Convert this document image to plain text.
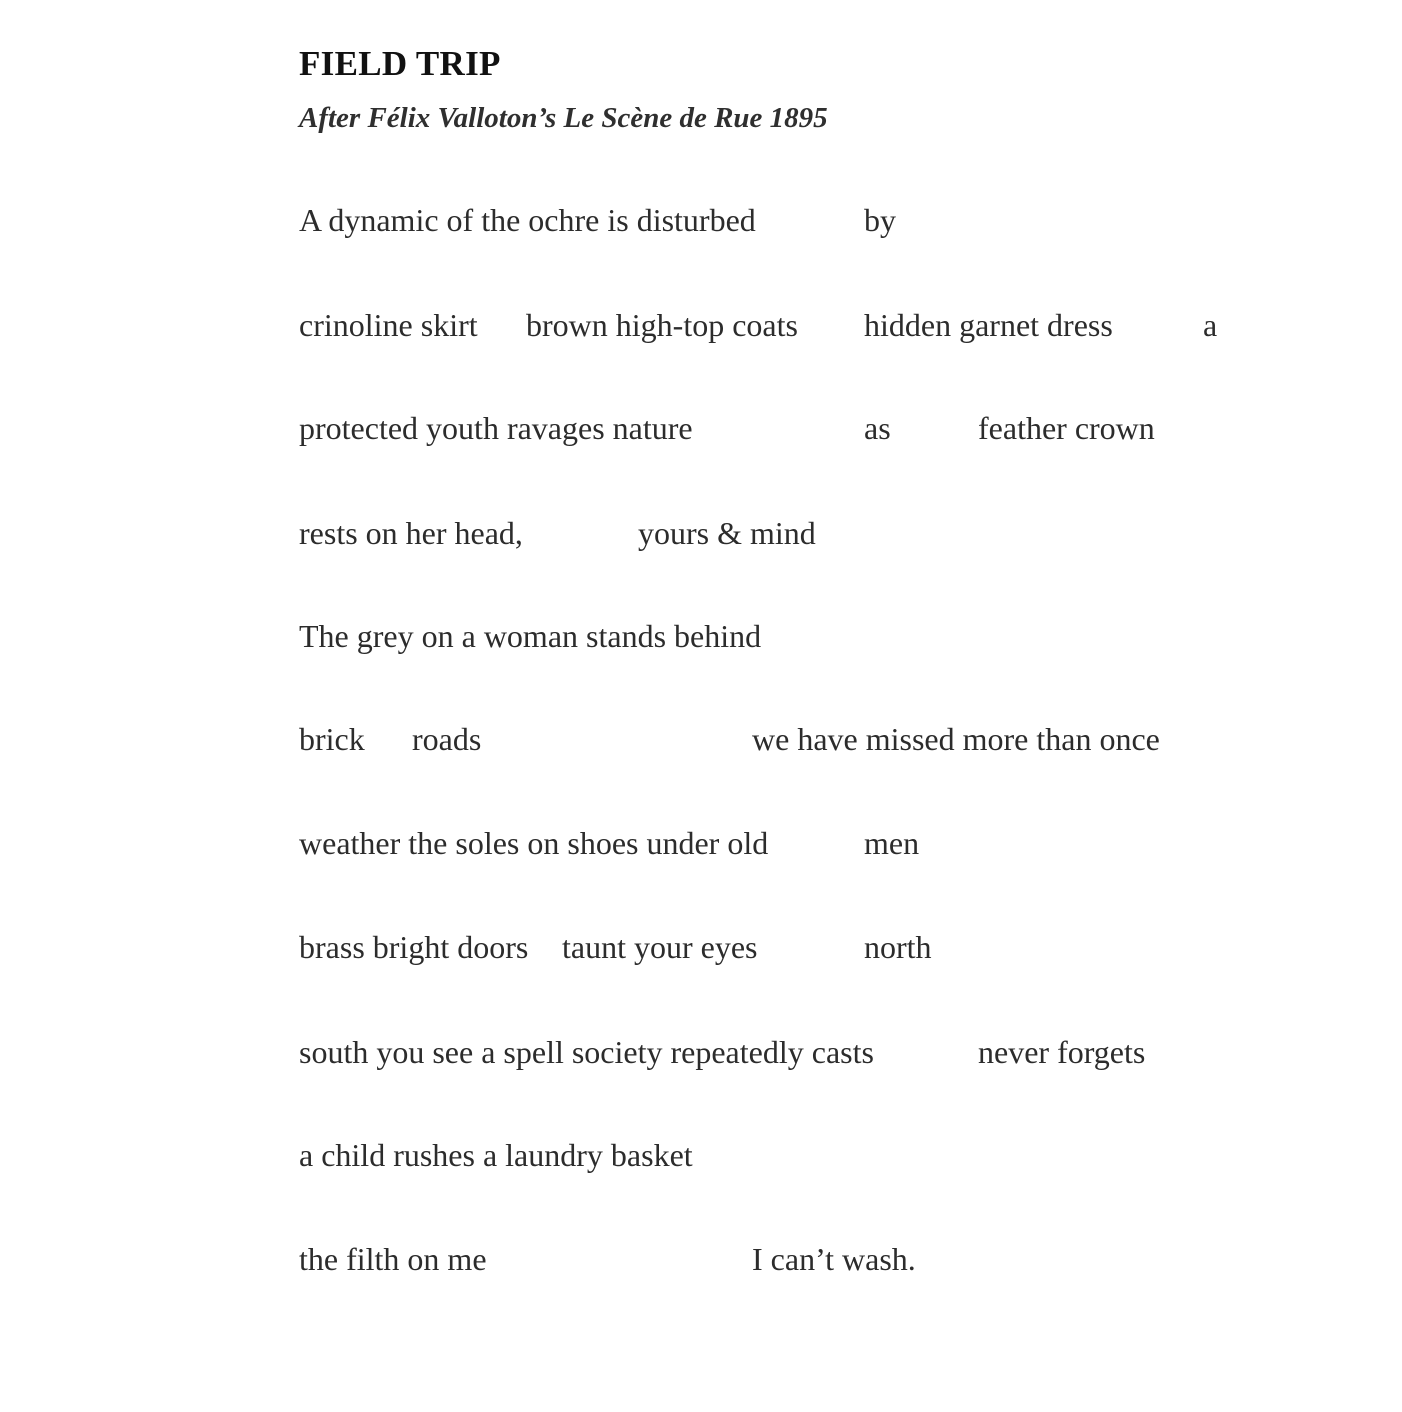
FIELD TRIP
After Félix Valloton’s Le Scène de Rue 1895
A dynamic of the ochre is disturbed	by
crinoline skirt brown high-top coats hidden garnet dress	a
protected youth ravages nature	as	feather crown
rests on her head,	yours & mind
The grey on a woman stands behind
brick roads	we have missed more than once
weather the soles on shoes under old	men
brass bright doors taunt your eyes	north
south you see a spell society repeatedly casts	never forgets
a child rushes a laundry basket
the filth on me	I can’t wash.
